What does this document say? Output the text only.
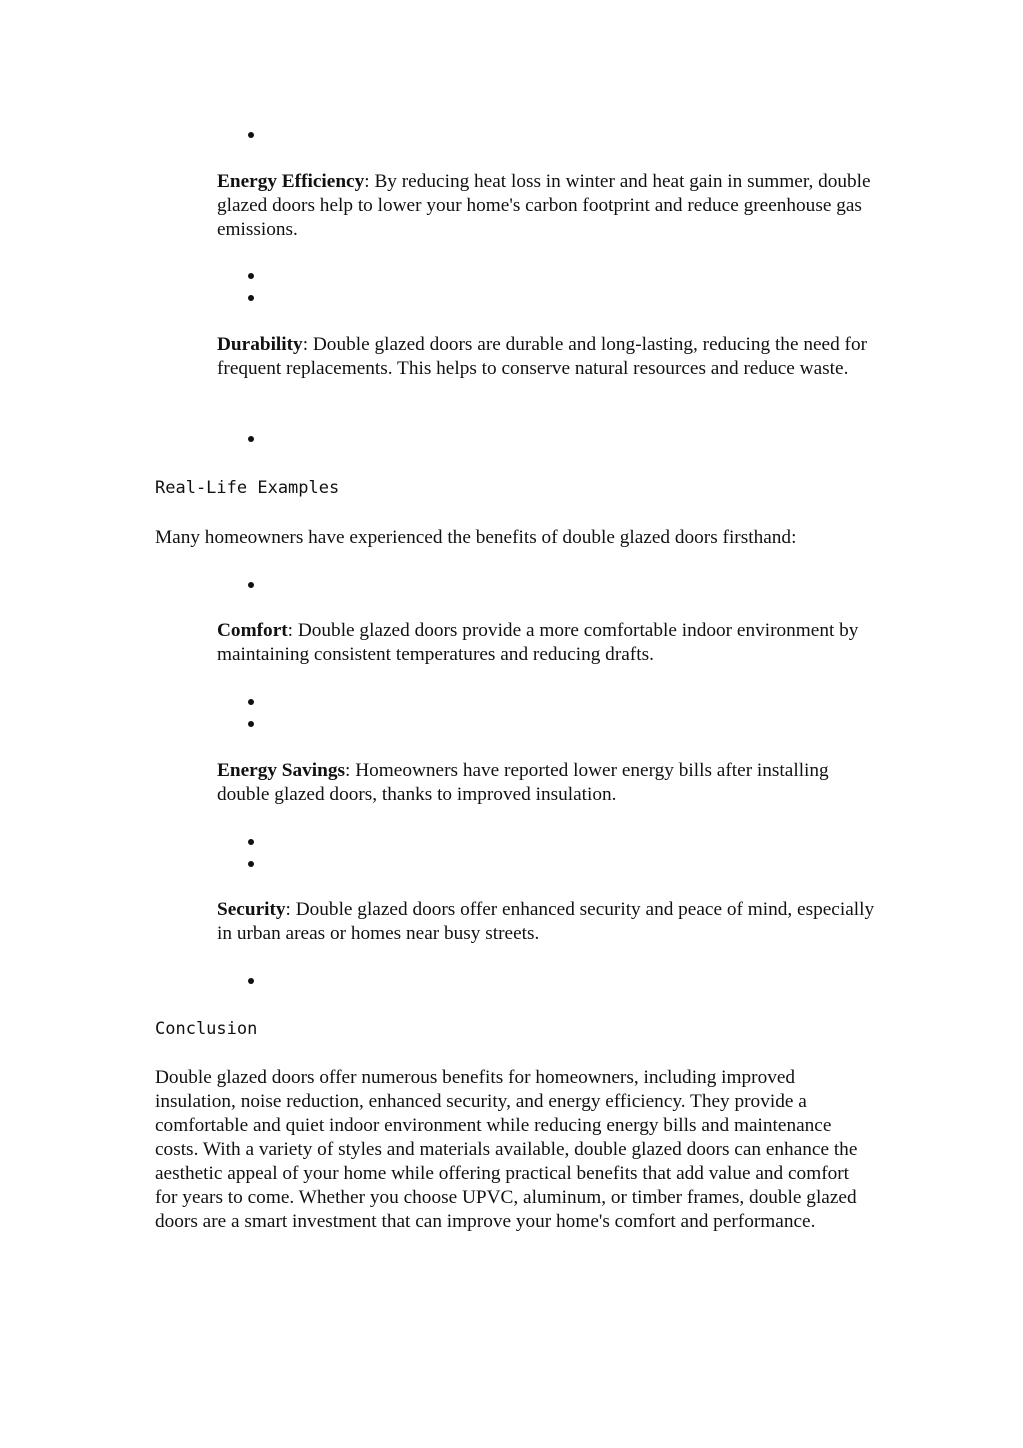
Energy Efficiency: By reducing heat loss in winter and heat gain in summer, double glazed doors help to lower your home's carbon footprint and reduce greenhouse gas emissions.
Durability: Double glazed doors are durable and long-lasting, reducing the need for frequent replacements. This helps to conserve natural resources and reduce waste.
Real-Life Examples
Many homeowners have experienced the benefits of double glazed doors firsthand:
Comfort: Double glazed doors provide a more comfortable indoor environment by maintaining consistent temperatures and reducing drafts.
Energy Savings: Homeowners have reported lower energy bills after installing double glazed doors, thanks to improved insulation.
Security: Double glazed doors offer enhanced security and peace of mind, especially in urban areas or homes near busy streets.
Conclusion
Double glazed doors offer numerous benefits for homeowners, including improved insulation, noise reduction, enhanced security, and energy efficiency. They provide a comfortable and quiet indoor environment while reducing energy bills and maintenance costs. With a variety of styles and materials available, double glazed doors can enhance the aesthetic appeal of your home while offering practical benefits that add value and comfort for years to come. Whether you choose UPVC, aluminum, or timber frames, double glazed doors are a smart investment that can improve your home's comfort and performance.
